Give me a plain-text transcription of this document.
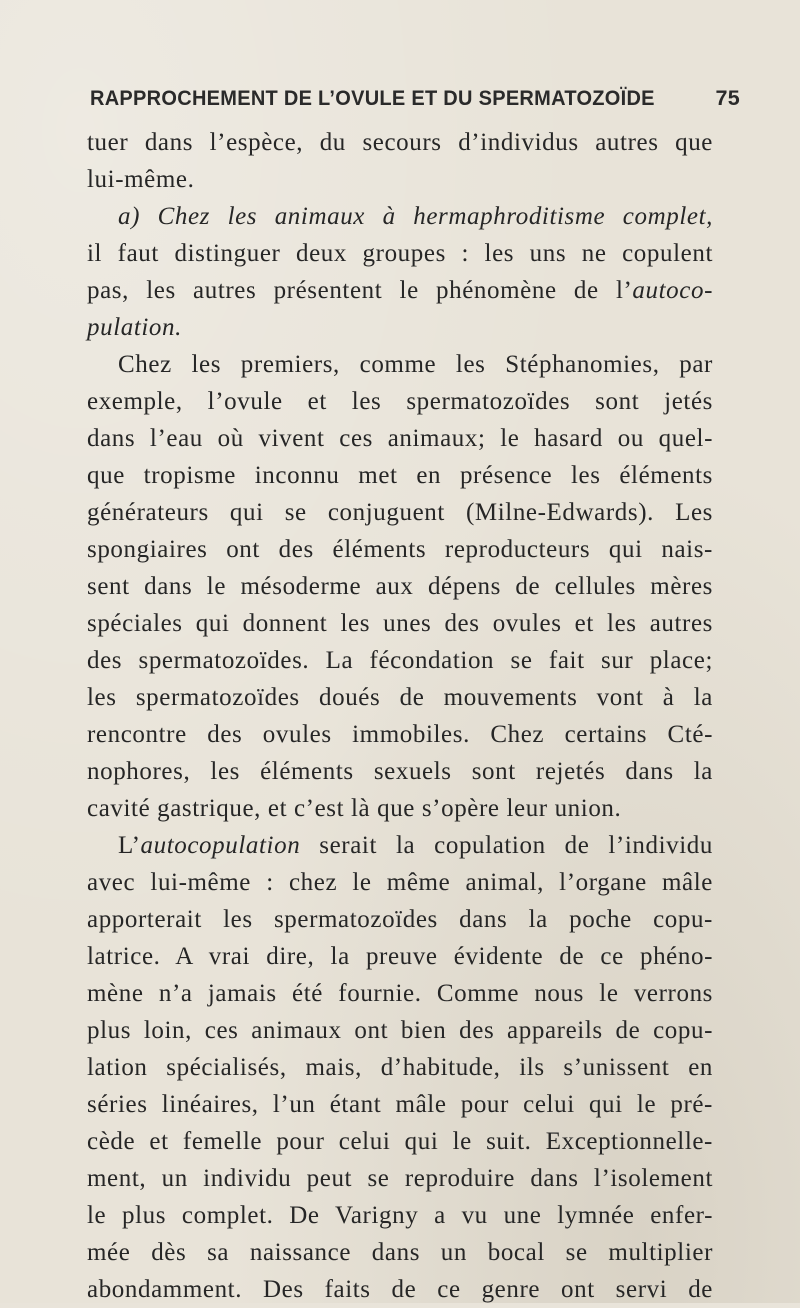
RAPPROCHEMENT DE L’OVULE ET DU SPERMATOZOÏDE	75
tuer dans l’espèce, du secours d’individus autres que
lui-même.
a) Chez les animaux à hermaphroditisme complet,
il faut distinguer deux groupes : les uns ne copulent
pas, les autres présentent le phénomène de l’autoco-
pulation.
Chez les premiers, comme les Stéphanomies, par
exemple, l’ovule et les spermatozoïdes sont jetés
dans l’eau où vivent ces animaux; le hasard ou quel-
que tropisme inconnu met en présence les éléments
générateurs qui se conjuguent (Milne-Edwards). Les
spongiaires ont des éléments reproducteurs qui nais-
sent dans le mésoderme aux dépens de cellules mères
spéciales qui donnent les unes des ovules et les autres
des spermatozoïdes. La fécondation se fait sur place;
les spermatozoïdes doués de mouvements vont à la
rencontre des ovules immobiles. Chez certains Cté-
nophores, les éléments sexuels sont rejetés dans la
cavité gastrique, et c’est là que s’opère leur union.
L’autocopulation serait la copulation de l’individu
avec lui-même : chez le même animal, l’organe mâle
apporterait les spermatozoïdes dans la poche copu-
latrice. A vrai dire, la preuve évidente de ce phéno-
mène n’a jamais été fournie. Comme nous le verrons
plus loin, ces animaux ont bien des appareils de copu-
lation spécialisés, mais, d’habitude, ils s’unissent en
séries linéaires, l’un étant mâle pour celui qui le pré-
cède et femelle pour celui qui le suit. Exceptionnelle-
ment, un individu peut se reproduire dans l’isolement
le plus complet. De Varigny a vu une lymnée enfer-
mée dès sa naissance dans un bocal se multiplier
abondamment. Des faits de ce genre ont servi de
